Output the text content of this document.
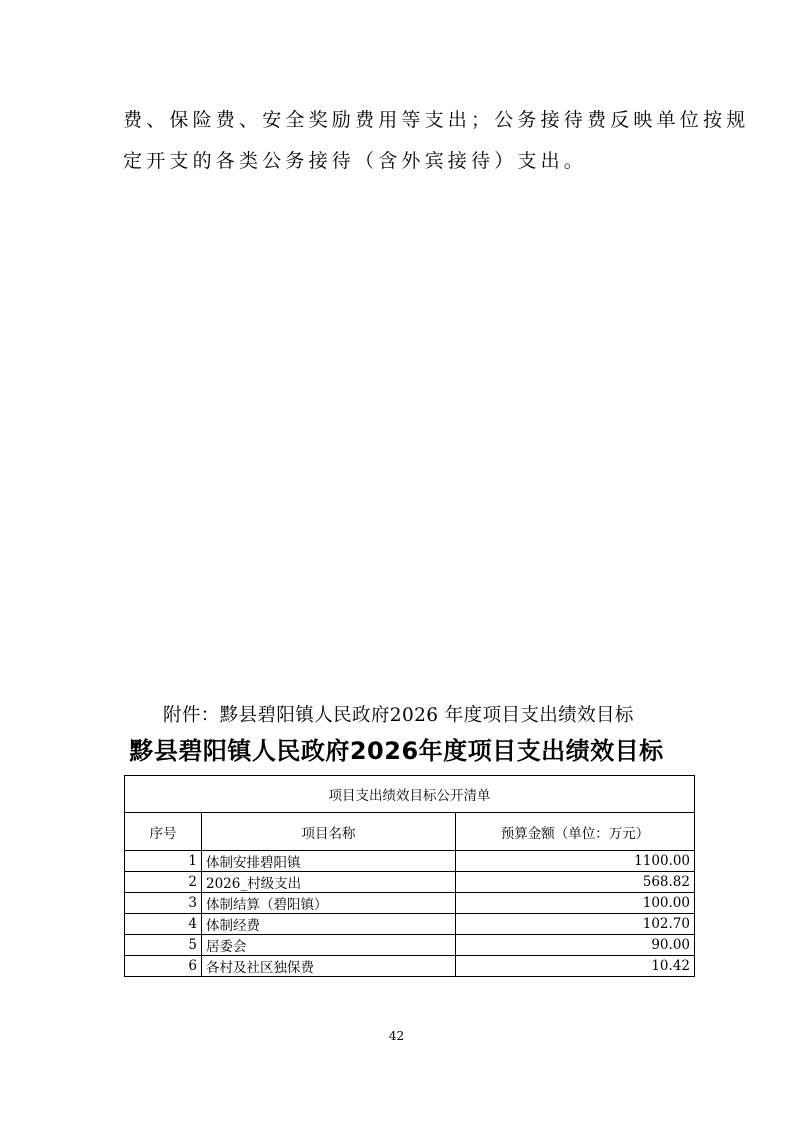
费、保险费、安全奖励费用等支出；公务接待费反映单位按规
定开支的各类公务接待（含外宾接待）支出。
附件：黟县碧阳镇人民政府2026 年度项目支出绩效目标
黟县碧阳镇人民政府2026年度项目支出绩效目标
项目支出绩效目标公开清单		
序号	项目名称	预算金额（单位：万元）
1	体制安排碧阳镇	1100.00
2	2026_村级支出	568.82
3	体制结算（碧阳镇）	100.00
4	体制经费	102.70
5	居委会	90.00
6	各村及社区独保费	10.42
42
